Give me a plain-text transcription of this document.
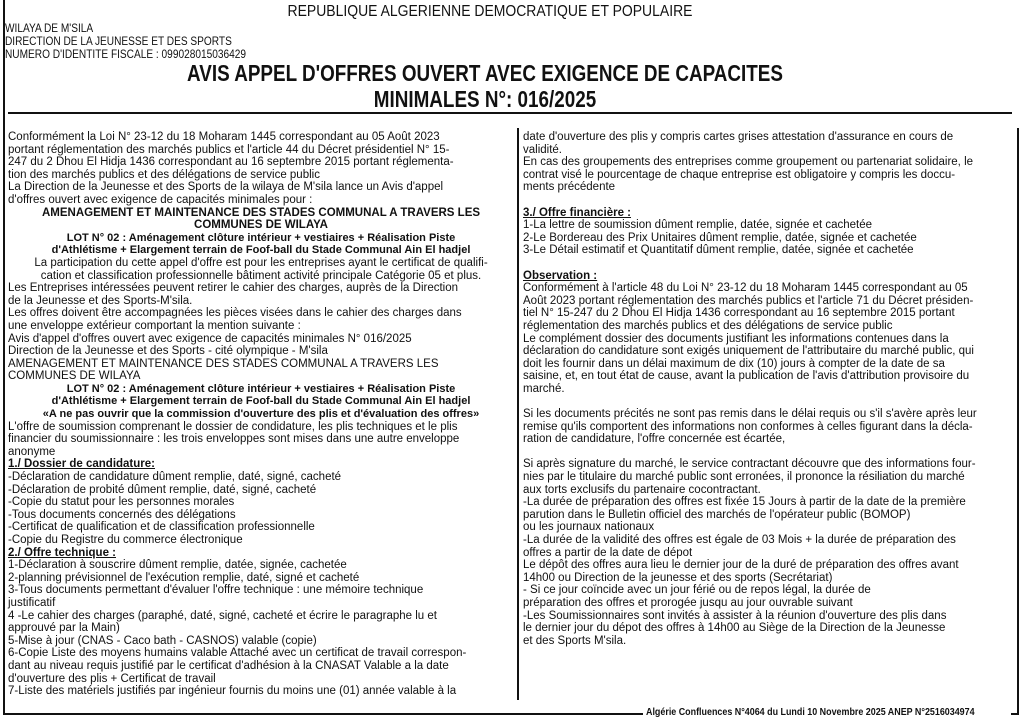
REPUBLIQUE ALGERIENNE DEMOCRATIQUE ET POPULAIRE
WILAYA DE M'SILA
DIRECTION DE LA JEUNESSE ET DES SPORTS
NUMERO D'IDENTITE FISCALE : 099028015036429
AVIS APPEL D'OFFRES OUVERT AVEC EXIGENCE DE CAPACITES
MINIMALES N°: 016/2025
Conformément la Loi N° 23-12 du 18 Moharam 1445 correspondant au 05 Août 2023
portant réglementation des marchés publics et l'article 44 du Décret présidentiel N° 15-
247 du 2 Dhou El Hidja 1436 correspondant au 16 septembre 2015 portant réglementa-
tion des marchés publics et des délégations de service public
La Direction de la Jeunesse et des Sports de la wilaya de M'sila lance un Avis d'appel
d'offres ouvert avec exigence de capacités minimales pour :
AMENAGEMENT ET MAINTENANCE DES STADES COMMUNAL A TRAVERS LES
COMMUNES DE WILAYA
LOT N° 02 : Aménagement clôture intérieur + vestiaires + Réalisation Piste
d'Athlétisme + Elargement terrain de Foof-ball du Stade Communal Ain El hadjel
La participation du cette appel d'offre est pour les entreprises ayant le certificat de qualifi-
cation et classification professionnelle bâtiment activité principale Catégorie 05 et plus.
Les Entreprises intéressées peuvent retirer le cahier des charges, auprès de la Direction
de la Jeunesse et des Sports-M'sila.
Les offres doivent être accompagnées les pièces visées dans le cahier des charges dans
une enveloppe extérieur comportant la mention suivante :
Avis d'appel d'offres ouvert avec exigence de capacités minimales N° 016/2025
Direction de la Jeunesse et des Sports - cité olympique - M'sila
AMENAGEMENT ET MAINTENANCE DES STADES COMMUNAL A TRAVERS LES
COMMUNES DE WILAYA
LOT N° 02 : Aménagement clôture intérieur + vestiaires + Réalisation Piste
d'Athlétisme + Elargement terrain de Foof-ball du Stade Communal Ain El hadjel
«A ne pas ouvrir que la commission d'ouverture des plis et d'évaluation des offres»
L'offre de soumission comprenant le dossier de condidature, les plis techniques et le plis
financier du soumissionnaire : les trois enveloppes sont mises dans une autre enveloppe
anonyme
1./ Dossier de candidature:
-Déclaration de candidature dûment remplie, daté, signé, cacheté
-Déclaration de probité dûment remplie, daté, signé, cacheté
-Copie du statut pour les personnes morales
-Tous documents concernés des délégations
-Certificat de qualification et de classification professionnelle
-Copie du Registre du commerce électronique
2./ Offre technique :
1-Déclaration à souscrire dûment remplie, datée, signée, cachetée
2-planning prévisionnel de l'exécution remplie, daté, signé et cacheté
3-Tous documents permettant d'évaluer l'offre technique : une mémoire technique
justificatif
4 -Le cahier des charges (paraphé, daté, signé, cacheté et écrire le paragraphe lu et
approuvé par la Main)
5-Mise à jour (CNAS - Caco bath - CASNOS) valable (copie)
6-Copie Liste des moyens humains valable Attaché avec un certificat de travail correspon-
dant au niveau requis justifié par le certificat d'adhésion à la CNASAT Valable a la date
d'ouverture des plis + Certificat de travail
7-Liste des matériels justifiés par ingénieur fournis du moins une (01) année valable à la
date d'ouverture des plis y compris cartes grises attestation d'assurance en cours de
validité.
En cas des groupements des entreprises comme groupement ou partenariat solidaire, le
contrat visé le pourcentage de chaque entreprise est obligatoire y compris les doccu-
ments précédente
3./ Offre financière :
1-La lettre de soumission dûment remplie, datée, signée et cachetée
2-Le Bordereau des Prix Unitaires dûment remplie, datée, signée et cachetée
3-Le Détail estimatif et Quantitatif dûment remplie, datée, signée et cachetée
Observation :
Conformément à l'article 48 du Loi N° 23-12 du 18 Moharam 1445 correspondant au 05
Août 2023 portant réglementation des marchés publics et l'article 71 du Décret présiden-
tiel N° 15-247 du 2 Dhou El Hidja 1436 correspondant au 16 septembre 2015 portant
réglementation des marchés publics et des délégations de service public
Le complément dossier des documents justifiant les informations contenues dans la
déclaration do candidature sont exigés uniquement de l'attributaire du marché public, qui
doit les fournir dans un délai maximum de dix (10) jours à compter de la date de sa
saisine, et, en tout état de cause, avant la publication de l'avis d'attribution provisoire du
marché.
Si les documents précités ne sont pas remis dans le délai requis ou s'il s'avère après leur
remise qu'ils comportent des informations non conformes à celles figurant dans la décla-
ration de candidature, l'offre concernée est écartée,
Si après signature du marché, le service contractant découvre que des informations four-
nies par le titulaire du marché public sont erronées, il prononce la résiliation du marché
aux torts exclusifs du partenaire cocontractant.
-La durée de préparation des offres est fixée 15 Jours à partir de la date de la première
parution dans le Bulletin officiel des marchés de l'opérateur public (BOMOP)
ou les journaux nationaux
-La durée de la validité des offres est égale de 03 Mois + la durée de préparation des
offres a partir de la date de dépot
Le dépôt des offres aura lieu le dernier jour de la duré de préparation des offres avant
14h00 ou Direction de la jeunesse et des sports (Secrétariat)
- Si ce jour coïncide avec un jour férié ou de repos légal, la durée de
préparation des offres et prorogée jusqu au jour ouvrable suivant
-Les Soumissionnaires sont invités à assister à la réunion d'ouverture des plis dans
le dernier jour du dépot des offres à 14h00 au Siège de la Direction de la Jeunesse
et des Sports M'sila.
Algérie Confluences N°4064 du Lundi 10 Novembre 2025 ANEP N°2516034974
